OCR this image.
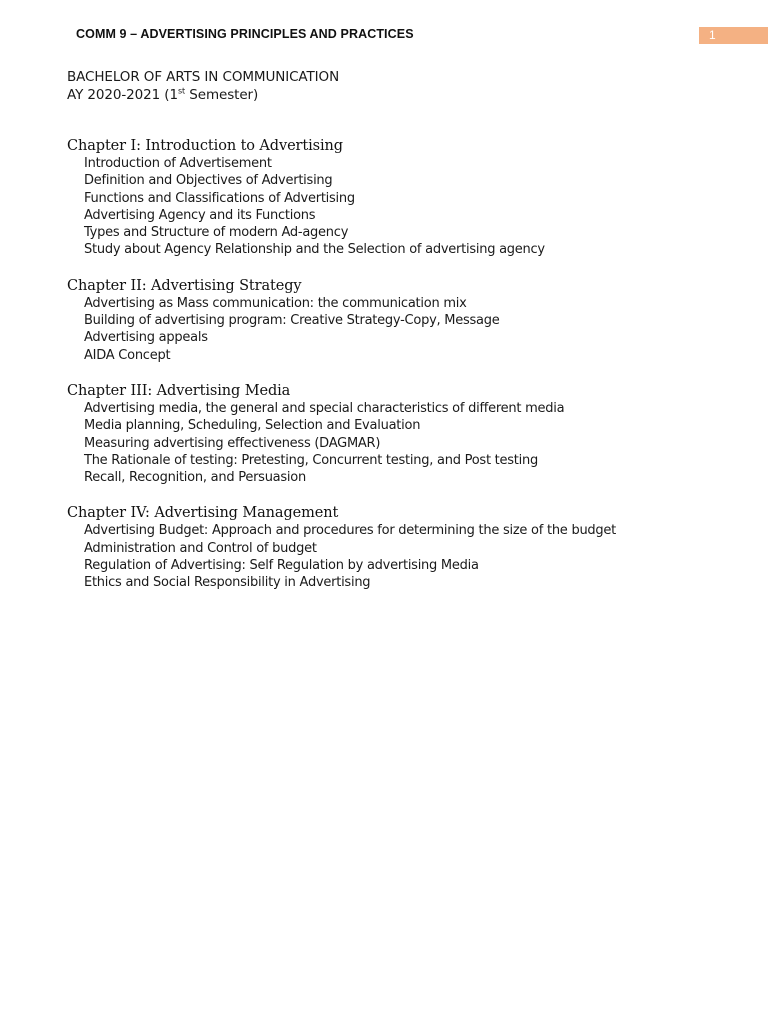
COMM 9 – ADVERTISING PRINCIPLES AND PRACTICES	1
BACHELOR OF ARTS IN COMMUNICATION
AY 2020-2021 (1st Semester)
Chapter I: Introduction to Advertising
Introduction of Advertisement
Definition and Objectives of Advertising
Functions and Classifications of Advertising
Advertising Agency and its Functions
Types and Structure of modern Ad-agency
Study about Agency Relationship and the Selection of advertising agency
Chapter II: Advertising Strategy
Advertising as Mass communication: the communication mix
Building of advertising program: Creative Strategy-Copy, Message
Advertising appeals
AIDA Concept
Chapter III: Advertising Media
Advertising media, the general and special characteristics of different media
Media planning, Scheduling, Selection and Evaluation
Measuring advertising effectiveness (DAGMAR)
The Rationale of testing: Pretesting, Concurrent testing, and Post testing
Recall, Recognition, and Persuasion
Chapter IV: Advertising Management
Advertising Budget: Approach and procedures for determining the size of the budget
Administration and Control of budget
Regulation of Advertising: Self Regulation by advertising Media
Ethics and Social Responsibility in Advertising
